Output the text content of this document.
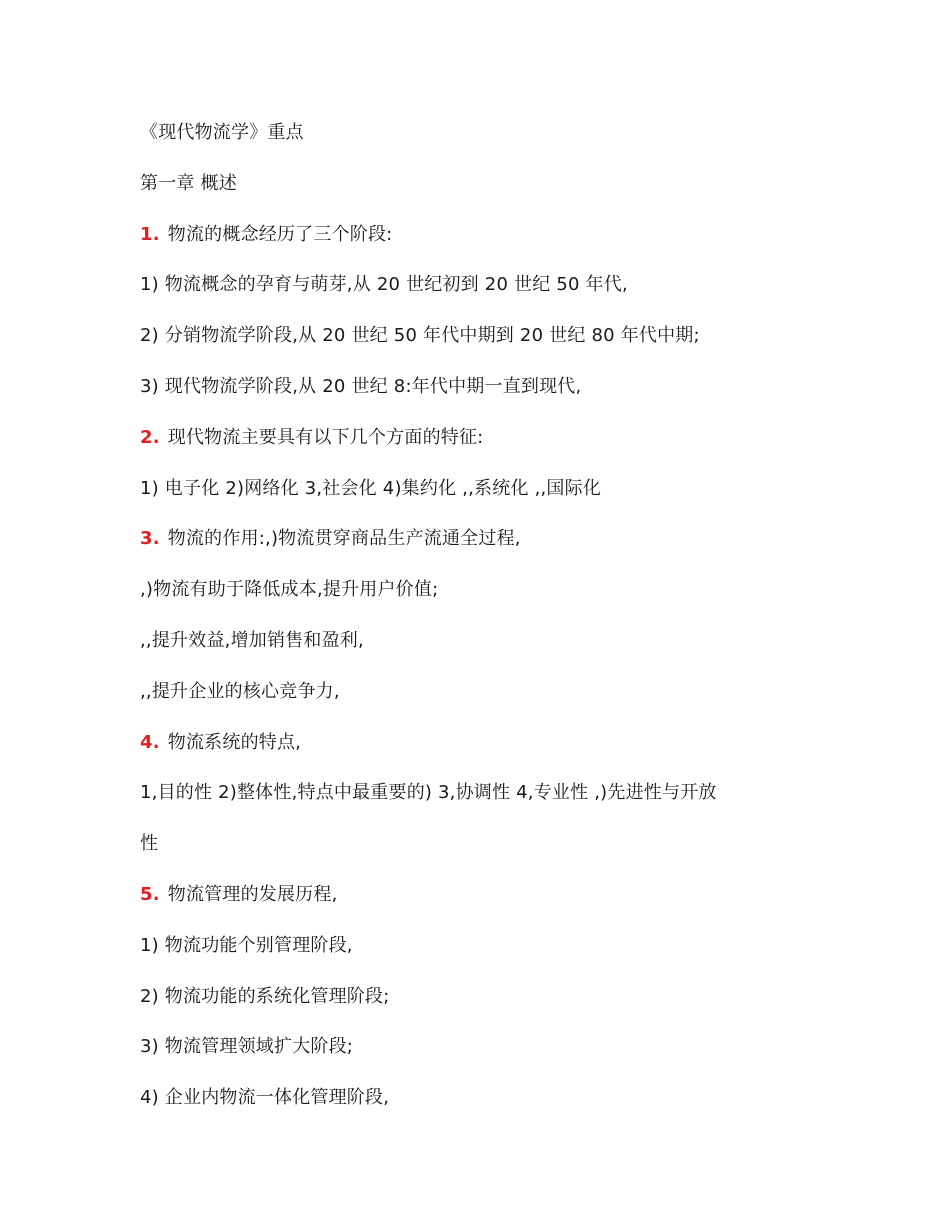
《现代物流学》重点
第一章 概述
1. 物流的概念经历了三个阶段:
1) 物流概念的孕育与萌芽,从 20 世纪初到 20 世纪 50 年代,
2) 分销物流学阶段,从 20 世纪 50 年代中期到 20 世纪 80 年代中期;
3) 现代物流学阶段,从 20 世纪 8:年代中期一直到现代,
2. 现代物流主要具有以下几个方面的特征:
1) 电子化 2)网络化 3,社会化 4)集约化 ,,系统化 ,,国际化
3. 物流的作用:,)物流贯穿商品生产流通全过程,
,)物流有助于降低成本,提升用户价值;
,,提升效益,增加销售和盈利,
,,提升企业的核心竞争力,
4. 物流系统的特点,
1,目的性 2)整体性,特点中最重要的) 3,协调性 4,专业性 ,)先进性与开放
性
5. 物流管理的发展历程,
1) 物流功能个别管理阶段,
2) 物流功能的系统化管理阶段;
3) 物流管理领域扩大阶段;
4) 企业内物流一体化管理阶段,
